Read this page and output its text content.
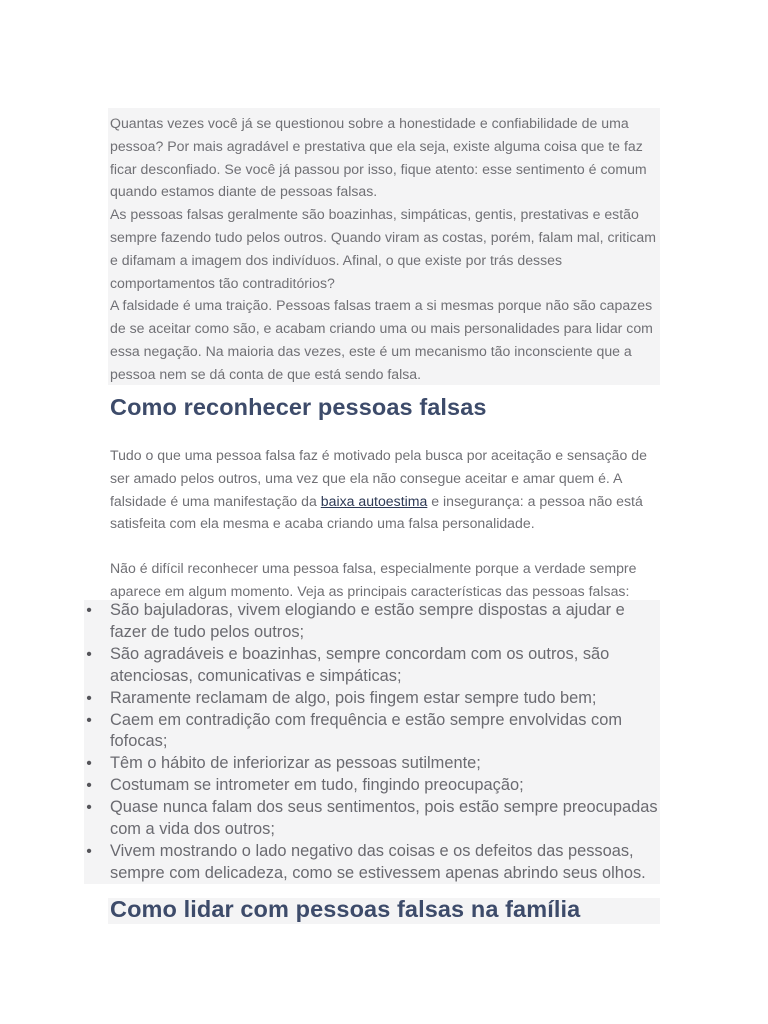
Quantas vezes você já se questionou sobre a honestidade e confiabilidade de uma pessoa? Por mais agradável e prestativa que ela seja, existe alguma coisa que te faz ficar desconfiado. Se você já passou por isso, fique atento: esse sentimento é comum quando estamos diante de pessoas falsas.

As pessoas falsas geralmente são boazinhas, simpáticas, gentis, prestativas e estão sempre fazendo tudo pelos outros. Quando viram as costas, porém, falam mal, criticam e difamam a imagem dos indivíduos. Afinal, o que existe por trás desses comportamentos tão contraditórios?

A falsidade é uma traição. Pessoas falsas traem a si mesmas porque não são capazes de se aceitar como são, e acabam criando uma ou mais personalidades para lidar com essa negação. Na maioria das vezes, este é um mecanismo tão inconsciente que a pessoa nem se dá conta de que está sendo falsa.

Como reconhecer pessoas falsas

Tudo o que uma pessoa falsa faz é motivado pela busca por aceitação e sensação de ser amado pelos outros, uma vez que ela não consegue aceitar e amar quem é. A falsidade é uma manifestação da baixa autoestima e insegurança: a pessoa não está satisfeita com ela mesma e acaba criando uma falsa personalidade.

Não é difícil reconhecer uma pessoa falsa, especialmente porque a verdade sempre aparece em algum momento. Veja as principais características das pessoas falsas:

• São bajuladoras, vivem elogiando e estão sempre dispostas a ajudar e fazer de tudo pelos outros;
• São agradáveis e boazinhas, sempre concordam com os outros, são atenciosas, comunicativas e simpáticas;
• Raramente reclamam de algo, pois fingem estar sempre tudo bem;
• Caem em contradição com frequência e estão sempre envolvidas com fofocas;
• Têm o hábito de inferiorizar as pessoas sutilmente;
• Costumam se intrometer em tudo, fingindo preocupação;
• Quase nunca falam dos seus sentimentos, pois estão sempre preocupadas com a vida dos outros;
• Vivem mostrando o lado negativo das coisas e os defeitos das pessoas, sempre com delicadeza, como se estivessem apenas abrindo seus olhos.
Como lidar com pessoas falsas na família
